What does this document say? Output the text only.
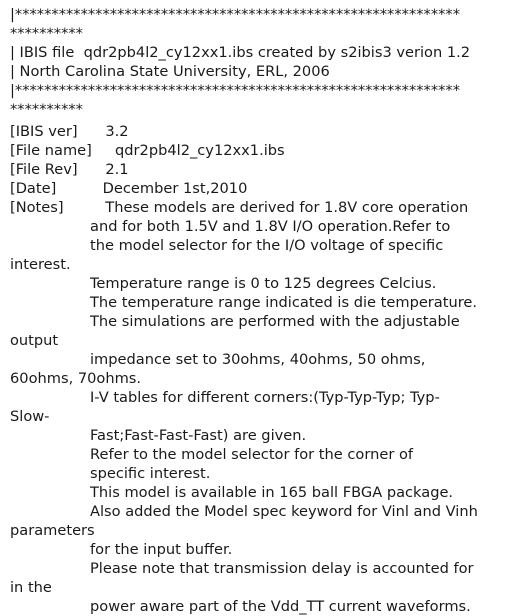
|*************************************************************
**********
| IBIS file  qdr2pb4l2_cy12xx1.ibs created by s2ibis3 verion 1.2
| North Carolina State University, ERL, 2006
|*************************************************************
**********
[IBIS ver]      3.2
[File name]     qdr2pb4l2_cy12xx1.ibs
[File Rev]      2.1
[Date]          December 1st,2010
[Notes]         These models are derived for 1.8V core operation
and for both 1.5V and 1.8V I/O operation.Refer to
the model selector for the I/O voltage of specific
interest.
Temperature range is 0 to 125 degrees Celcius.
The temperature range indicated is die temperature.
The simulations are performed with the adjustable
output
impedance set to 30ohms, 40ohms, 50 ohms,
60ohms, 70ohms.
I-V tables for different corners:(Typ-Typ-Typ; Typ-
Slow-
Fast;Fast-Fast-Fast) are given.
Refer to the model selector for the corner of
specific interest.
This model is available in 165 ball FBGA package.
Also added the Model spec keyword for Vinl and Vinh
parameters
for the input buffer.
Please note that transmission delay is accounted for
in the
power aware part of the Vdd_TT current waveforms.
